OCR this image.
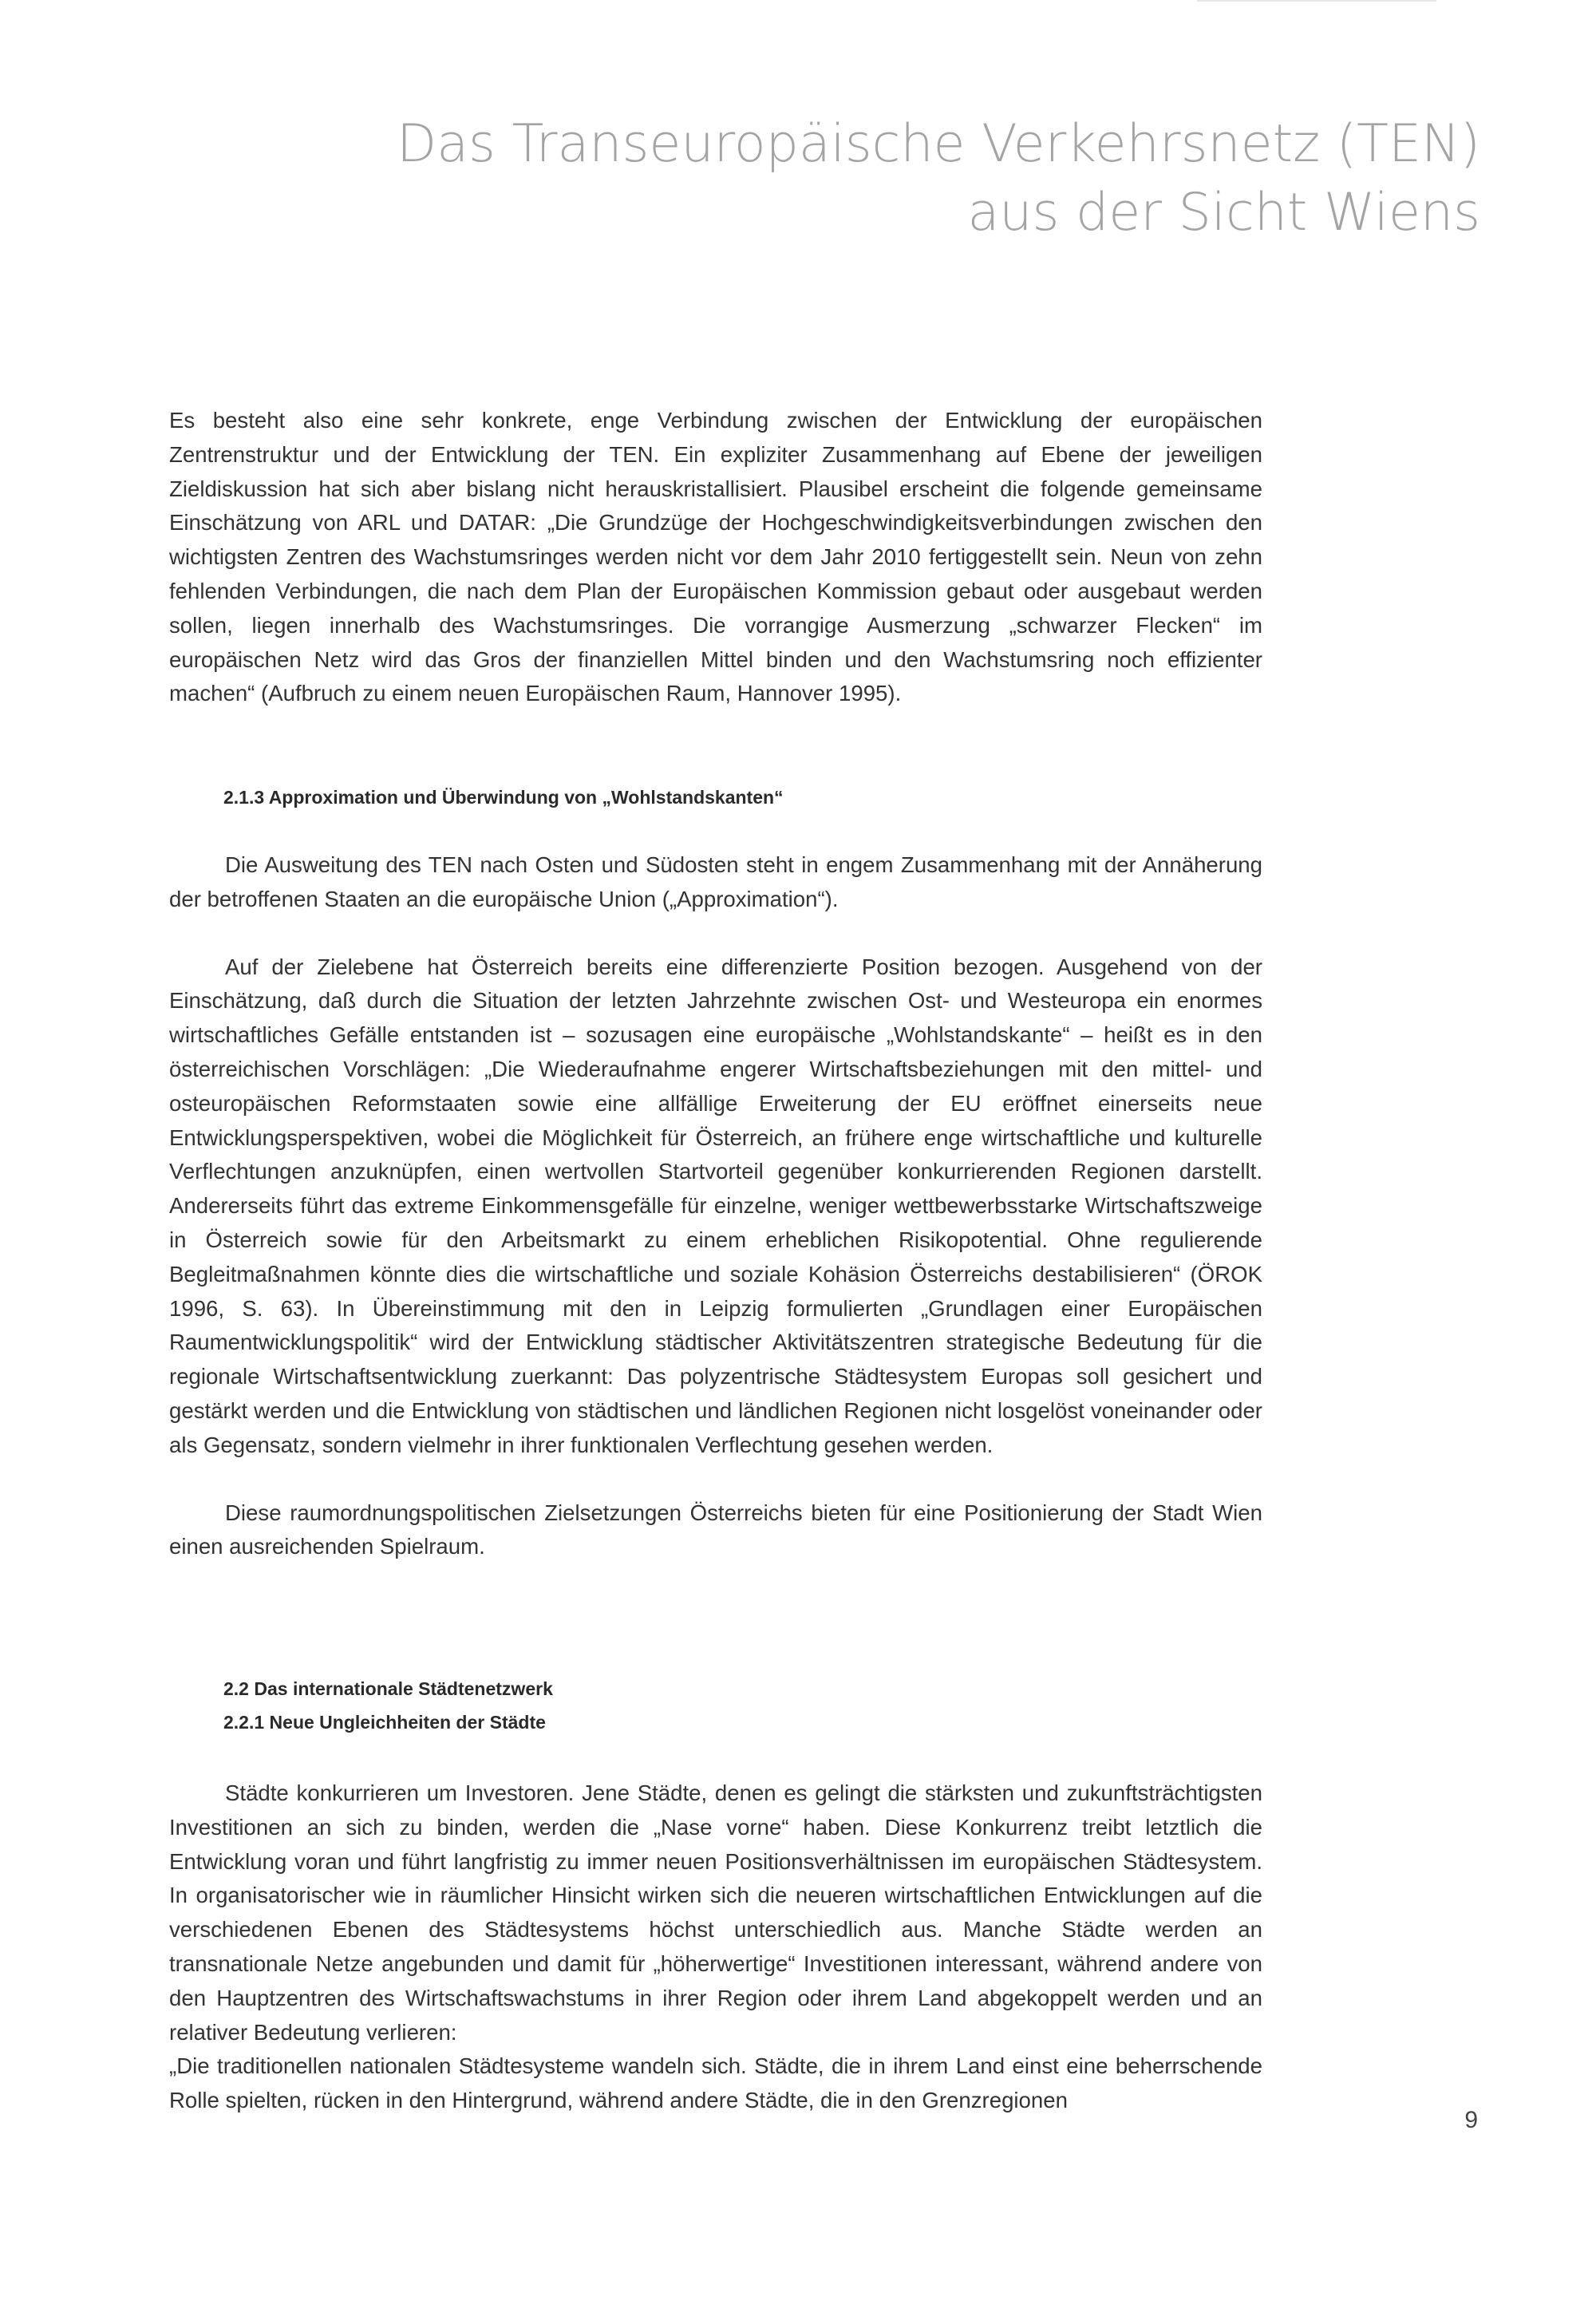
Das Transeuropäische Verkehrsnetz (TEN)
aus der Sicht Wiens

Es besteht also eine sehr konkrete, enge Verbindung zwischen der Entwicklung der europäischen Zentrenstruktur und der Entwicklung der TEN. Ein expliziter Zusammenhang auf Ebene der jeweiligen Zieldiskussion hat sich aber bislang nicht herauskristallisiert. Plausibel erscheint die folgende gemeinsame Einschätzung von ARL und DATAR: „Die Grundzüge der Hochgeschwindigkeitsverbindungen zwischen den wichtigsten Zentren des Wachstumsringes werden nicht vor dem Jahr 2010 fertiggestellt sein. Neun von zehn fehlenden Verbindungen, die nach dem Plan der Europäischen Kommission gebaut oder ausgebaut werden sollen, liegen innerhalb des Wachstumsringes. Die vorrangige Ausmerzung „schwarzer Flecken“ im europäischen Netz wird das Gros der finanziellen Mittel binden und den Wachstumsring noch effizienter machen“ (Aufbruch zu einem neuen Europäischen Raum, Hannover 1995).

2.1.3 Approximation und Überwindung von „Wohlstandskanten“

Die Ausweitung des TEN nach Osten und Südosten steht in engem Zusammenhang mit der Annäherung der betroffenen Staaten an die europäische Union („Approximation“).

Auf der Zielebene hat Österreich bereits eine differenzierte Position bezogen. Ausgehend von der Einschätzung, daß durch die Situation der letzten Jahrzehnte zwischen Ost- und Westeuropa ein enormes wirtschaftliches Gefälle entstanden ist – sozusagen eine europäische „Wohlstandskante“ – heißt es in den österreichischen Vorschlägen: „Die Wiederaufnahme engerer Wirtschaftsbeziehungen mit den mittel- und osteuropäischen Reformstaaten sowie eine allfällige Erweiterung der EU eröffnet einerseits neue Entwicklungsperspektiven, wobei die Möglichkeit für Österreich, an frühere enge wirtschaftliche und kulturelle Verflechtungen anzuknüpfen, einen wertvollen Startvorteil gegenüber konkurrierenden Regionen darstellt. Andererseits führt das extreme Einkommensgefälle für einzelne, weniger wettbewerbsstarke Wirtschaftszweige in Österreich sowie für den Arbeitsmarkt zu einem erheblichen Risikopotential. Ohne regulierende Begleitmaßnahmen könnte dies die wirtschaftliche und soziale Kohäsion Österreichs destabilisieren“ (ÖROK 1996, S. 63). In Übereinstimmung mit den in Leipzig formulierten „Grundlagen einer Europäischen Raumentwicklungspolitik“ wird der Entwicklung städtischer Aktivitätszentren strategische Bedeutung für die regionale Wirtschaftsentwicklung zuerkannt: Das polyzentrische Städtesystem Europas soll gesichert und gestärkt werden und die Entwicklung von städtischen und ländlichen Regionen nicht losgelöst voneinander oder als Gegensatz, sondern vielmehr in ihrer funktionalen Verflechtung gesehen werden.

Diese raumordnungspolitischen Zielsetzungen Österreichs bieten für eine Positionierung der Stadt Wien einen ausreichenden Spielraum.

2.2 Das internationale Städtenetzwerk
2.2.1 Neue Ungleichheiten der Städte

Städte konkurrieren um Investoren. Jene Städte, denen es gelingt die stärksten und zukunftsträchtigsten Investitionen an sich zu binden, werden die „Nase vorne“ haben. Diese Konkurrenz treibt letztlich die Entwicklung voran und führt langfristig zu immer neuen Positionsverhältnissen im europäischen Städtesystem. In organisatorischer wie in räumlicher Hinsicht wirken sich die neueren wirtschaftlichen Entwicklungen auf die verschiedenen Ebenen des Städtesystems höchst unterschiedlich aus. Manche Städte werden an transnationale Netze angebunden und damit für „höherwertige“ Investitionen interessant, während andere von den Hauptzentren des Wirtschaftswachstums in ihrer Region oder ihrem Land abgekoppelt werden und an relativer Bedeutung verlieren:

„Die traditionellen nationalen Städtesysteme wandeln sich. Städte, die in ihrem Land einst eine beherrschende Rolle spielten, rücken in den Hintergrund, während andere Städte, die in den Grenzregionen

9
